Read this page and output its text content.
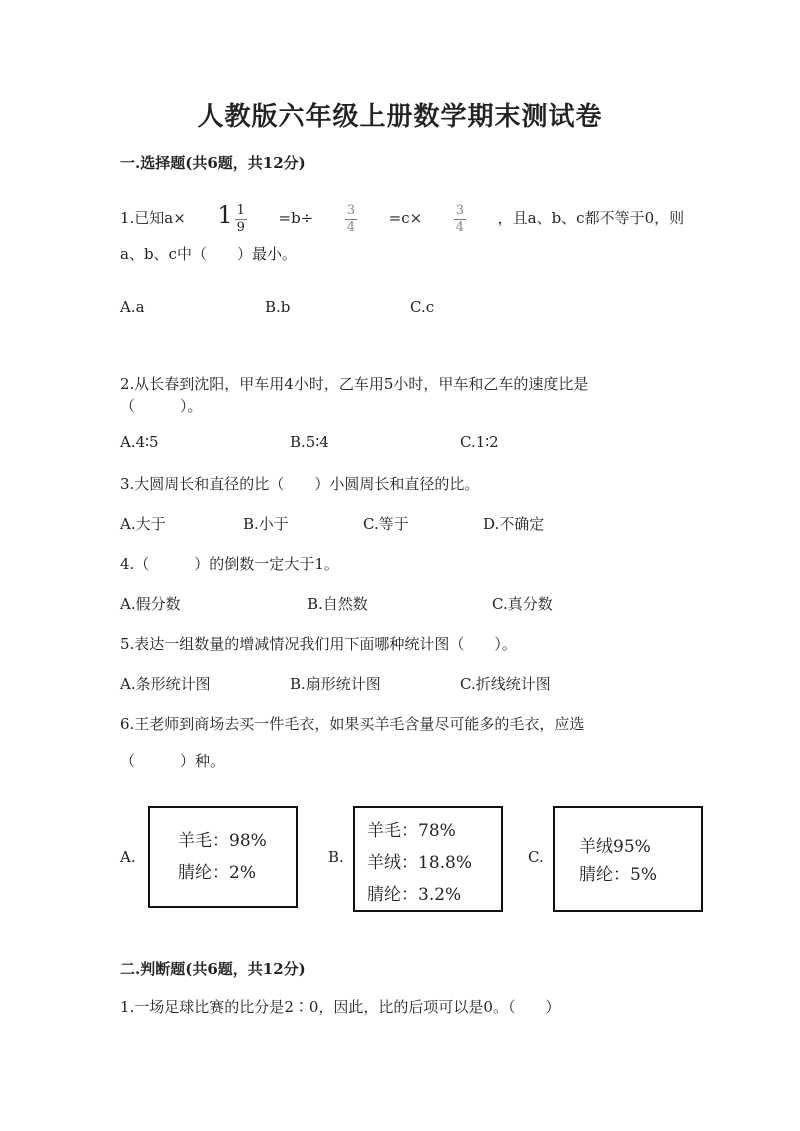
人教版六年级上册数学期末测试卷
一.选择题(共6题，共12分)
1.已知$a\times 1 \frac{1}{9} =b\div \frac{3}{4} =c\times \frac{3}{4}$ ，且a、b、c都不等于0，则
a、b、c中（　　）最小。
A.a	B.b	C.c
2.从长春到沈阳，甲车用4小时，乙车用5小时，甲车和乙车的速度比是
（　　　）。
A.4∶5	B.5∶4	C.1∶2
3.大圆周长和直径的比（　　）小圆周长和直径的比。
A.大于	B.小于	C.等于	D.不确定
4.（　　　）的倒数一定大于1。
A.假分数	B.自然数	C.真分数
5.表达一组数量的增减情况我们用下面哪种统计图（　　）。
A.条形统计图	B.扇形统计图	C.折线统计图
6.王老师到商场去买一件毛衣，如果买羊毛含量尽可能多的毛衣，应选
（　　　）种。
A.
羊毛：98%
腈纶：2%
B.
羊毛：78%
羊绒：18.8%
腈纶：3.2%
C. 羊绒95%
腈纶：5%
二.判断题(共6题，共12分)
1.一场足球比赛的比分是2∶0，因此，比的后项可以是0。（　　）
